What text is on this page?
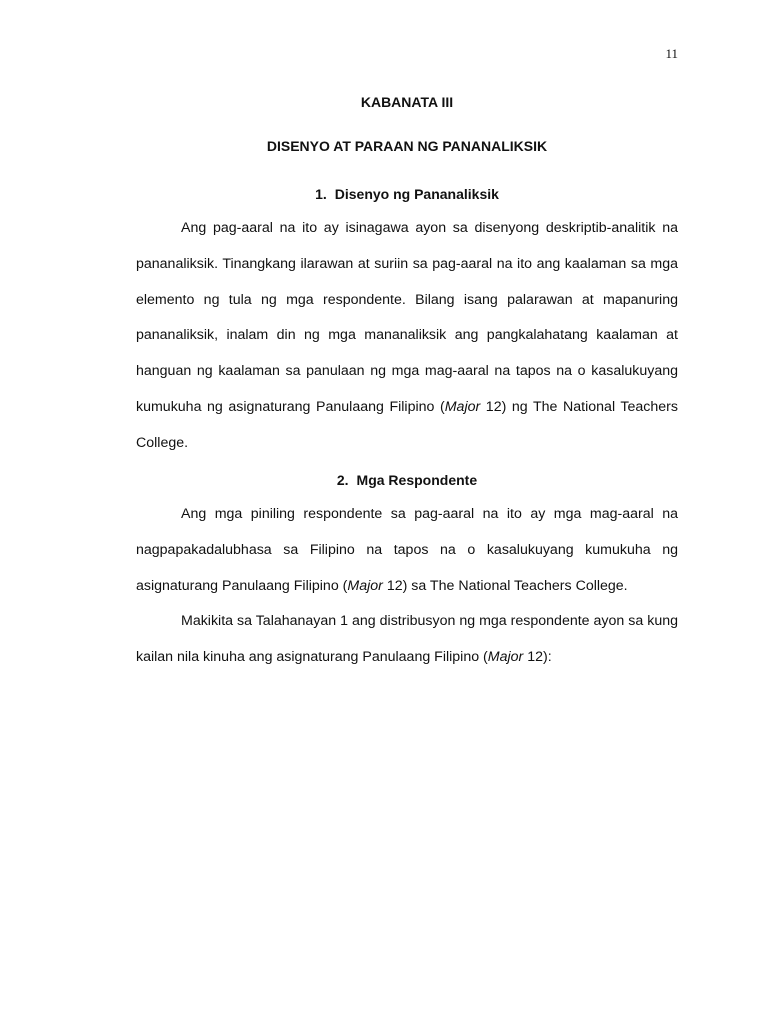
11
KABANATA III
DISENYO AT PARAAN NG PANANALIKSIK
1. Disenyo ng Pananaliksik

Ang pag-aaral na ito ay isinagawa ayon sa disenyong deskriptib-analitik na pananaliksik. Tinangkang ilarawan at suriin sa pag-aaral na ito ang kaalaman sa mga elemento ng tula ng mga respondente. Bilang isang palarawan at mapanuring pananaliksik, inalam din ng mga mananaliksik ang pangkalahatang kaalaman at hanguan ng kaalaman sa panulaan ng mga mag-aaral na tapos na o kasalukuyang kumukuha ng asignaturang Panulaang Filipino (Major 12) ng The National Teachers College.

2. Mga Respondente

Ang mga piniling respondente sa pag-aaral na ito ay mga mag-aaral na nagpapakadalubhasa sa Filipino na tapos na o kasalukuyang kumukuha ng asignaturang Panulaang Filipino (Major 12) sa The National Teachers College.

Makikita sa Talahanayan 1 ang distribusyon ng mga respondente ayon sa kung kailan nila kinuha ang asignaturang Panulaang Filipino (Major 12):
